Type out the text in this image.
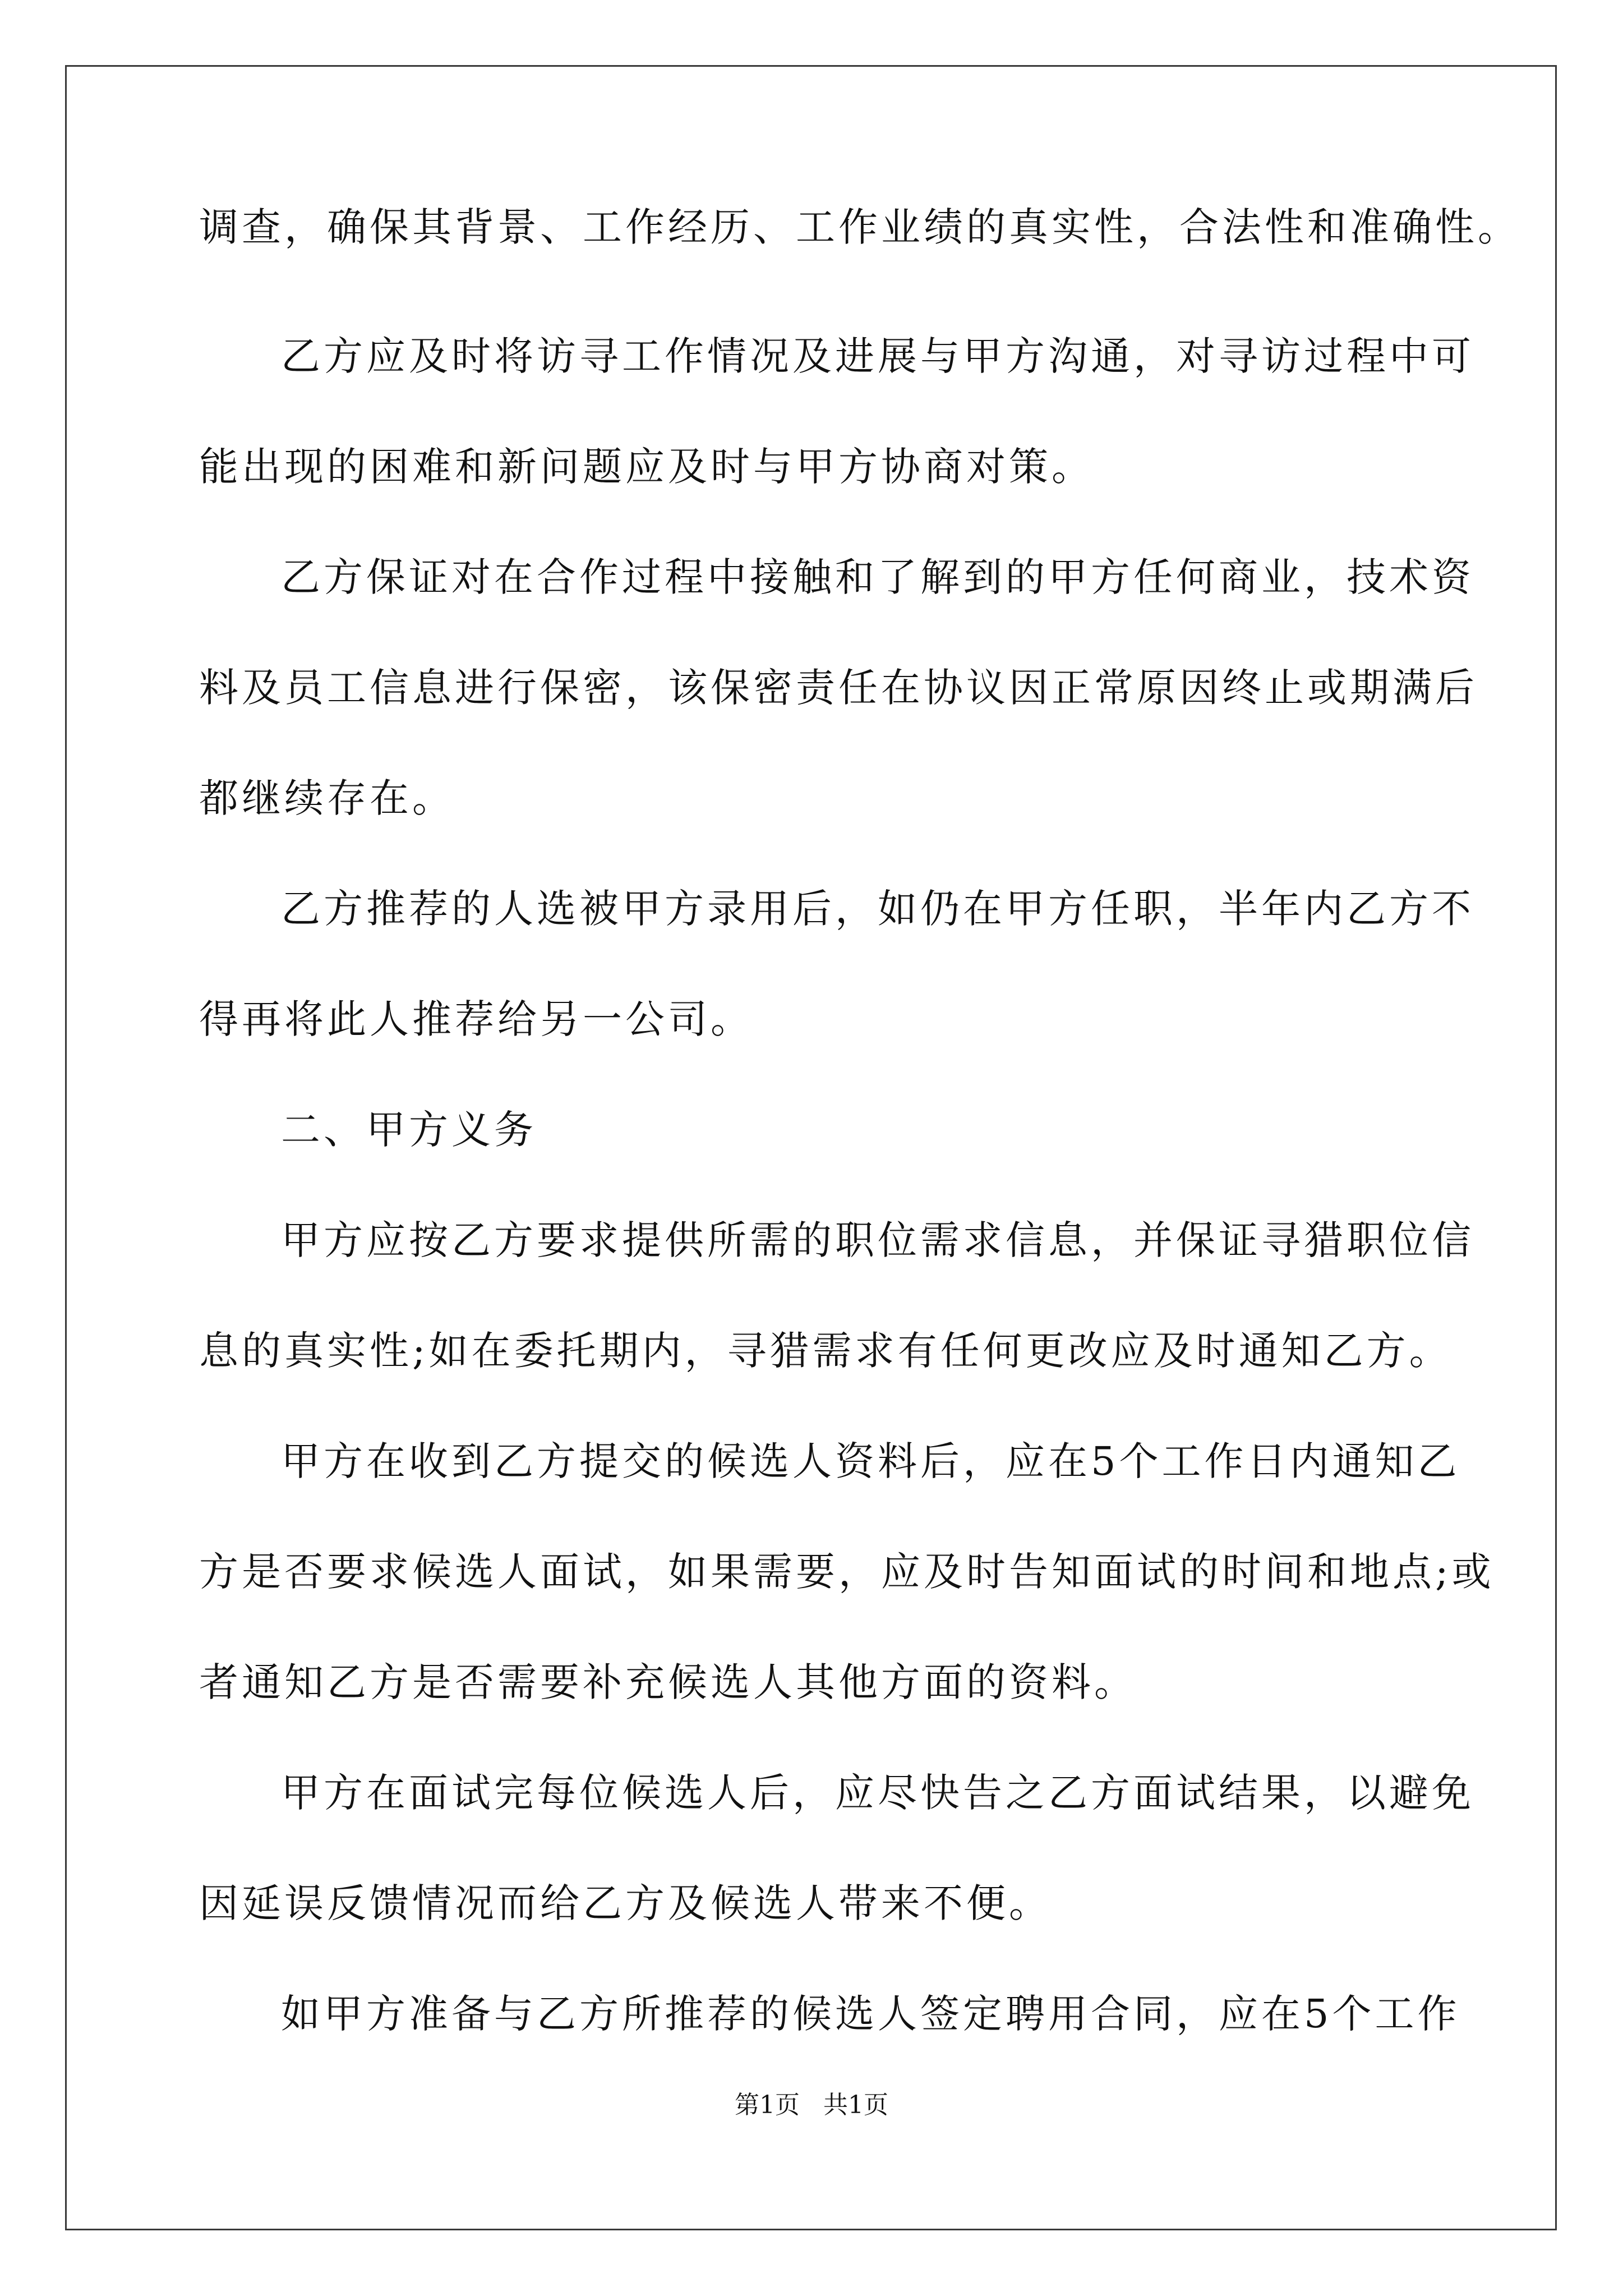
调查，确保其背景、工作经历、工作业绩的真实性，合法性和准确性。
乙方应及时将访寻工作情况及进展与甲方沟通，对寻访过程中可
能出现的困难和新问题应及时与甲方协商对策。
乙方保证对在合作过程中接触和了解到的甲方任何商业，技术资
料及员工信息进行保密，该保密责任在协议因正常原因终止或期满后
都继续存在。
乙方推荐的人选被甲方录用后，如仍在甲方任职，半年内乙方不
得再将此人推荐给另一公司。
二、甲方义务
甲方应按乙方要求提供所需的职位需求信息，并保证寻猎职位信
息的真实性;如在委托期内，寻猎需求有任何更改应及时通知乙方。
甲方在收到乙方提交的候选人资料后，应在5个工作日内通知乙
方是否要求候选人面试，如果需要，应及时告知面试的时间和地点;或
者通知乙方是否需要补充候选人其他方面的资料。
甲方在面试完每位候选人后，应尽快告之乙方面试结果，以避免
因延误反馈情况而给乙方及候选人带来不便。
如甲方准备与乙方所推荐的候选人签定聘用合同，应在5个工作
第1页   共1页
